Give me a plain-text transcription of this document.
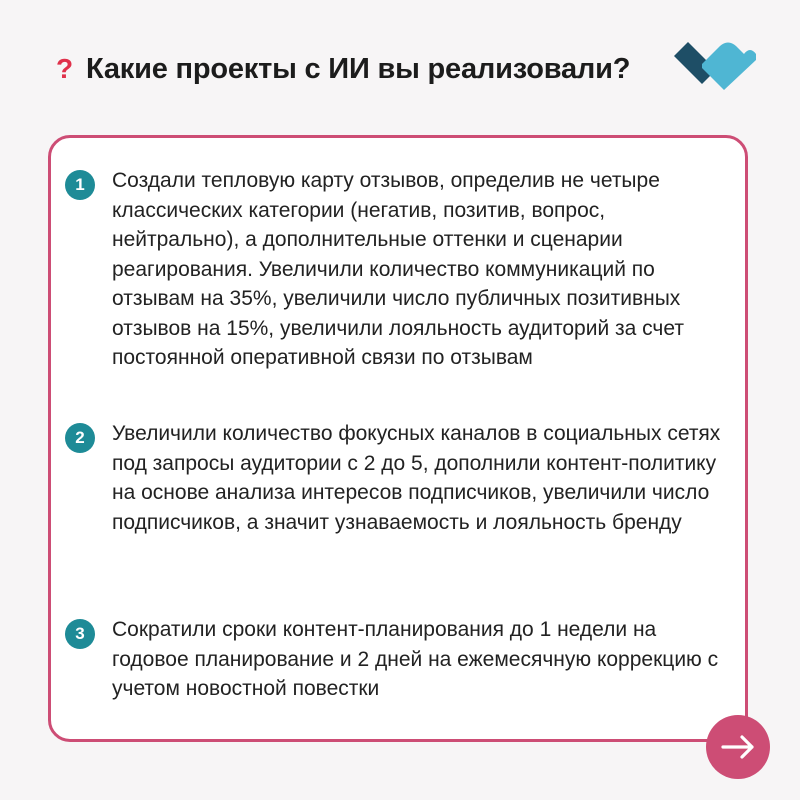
? Какие проекты с ИИ вы реализовали?
1	Создали тепловую карту отзывов, определив не четыре классических категории (негатив, позитив, вопрос, нейтрально), а дополнительные оттенки и сценарии реагирования. Увеличили количество коммуникаций по отзывам на 35%, увеличили число публичных позитивных отзывов на 15%, увеличили лояльность аудиторий за счет постоянной оперативной связи по отзывам
2	Увеличили количество фокусных каналов в социальных сетях под запросы аудитории с 2 до 5, дополнили контент-политику на основе анализа интересов подписчиков, увеличили число подписчиков, а значит узнаваемость и лояльность бренду
3	Сократили сроки контент-планирования до 1 недели на годовое планирование и 2 дней на ежемесячную коррекцию с учетом новостной повестки
